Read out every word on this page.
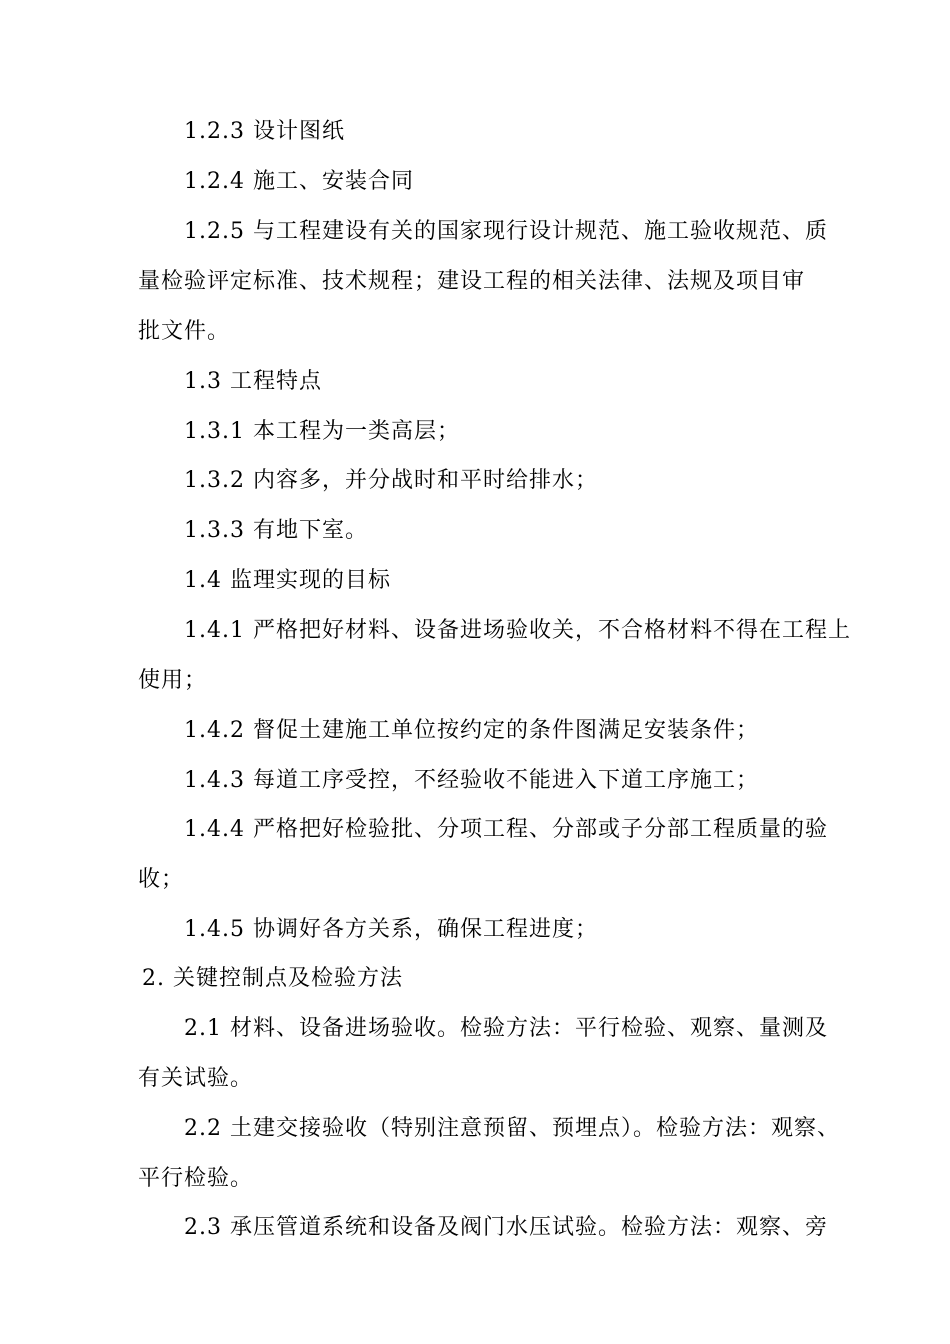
1.2.3 设计图纸
1.2.4 施工、安装合同
1.2.5 与工程建设有关的国家现行设计规范、施工验收规范、质
量检验评定标准、技术规程；建设工程的相关法律、法规及项目审
批文件。
1.3 工程特点
1.3.1 本工程为一类高层；
1.3.2 内容多，并分战时和平时给排水；
1.3.3 有地下室。
1.4 监理实现的目标
1.4.1 严格把好材料、设备进场验收关，不合格材料不得在工程上
使用；
1.4.2 督促土建施工单位按约定的条件图满足安装条件；
1.4.3 每道工序受控，不经验收不能进入下道工序施工；
1.4.4 严格把好检验批、分项工程、分部或子分部工程质量的验
收；
1.4.5 协调好各方关系，确保工程进度；
2. 关键控制点及检验方法
2.1 材料、设备进场验收。检验方法：平行检验、观察、量测及
有关试验。
2.2 土建交接验收（特别注意预留、预埋点）。检验方法：观察、
平行检验。
2.3 承压管道系统和设备及阀门水压试验。检验方法：观察、旁
